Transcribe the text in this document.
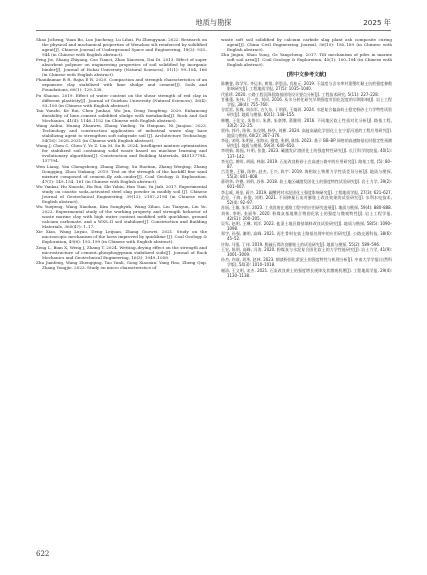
地质与勘探	2025 年

Shao Jicheng, Yuan Bo, Luo Jincheng, Lu Lihui, Fu Zhengyuan. 2022. Research on the physical and mechanical properties of Wenzhou silt reinforced by solidified agent[J]. Chinese Journal of Underground Space and Engineering, 18(3): 935–944 (in Chinese with English abstract).

Peng Jie, Shang Zhiyang, Cao Tianci, Zhao Xiaowen, Dai Di. 2013. Effect of super absorbent polymer on engineering properties of soil solidified by inorganic binder[J]. Journal of Hohai University (Natural Sciences), 51(1): 99–104, 166 (in Chinese with English abstract).

Phanikumar B R, Rajia E R. 2020. Compaction and strength characteristics of an expansive clay stabilised with lime sludge and cement[J]. Soils and Foundations, 60(1): 129–138.

Pu Shaoao. 2019. Effect of water content on the shear strength of red clay in different plasticity[J]. Journal of Guizhou University (Natural Sciences), 36(4): 93–100 (in Chinese with English abstract).

Tan Yunzhi, Ke Rui, Chen Junhao, Wu Jun, Deng Yongfeng. 2020. Enhancing durability of lime–cement solidified sludge with metakaolin[J]. Rock and Soil Mechanics, 41(4): 1146–1152 (in Chinese with English abstract).

Wang Anhui, Huang Zhanwei, Zhang Yanling, Yu Haiquan, Ni Jiaojiao. 2023. Technology and construction application of industrial waste slag base stabilizing agent to strengthen soft subgrade soil [J]. Architecture Technology, 54(16): 2028–2031 (in Chinese with English abstract).

Wang J, Chen C, Chen Y, Ye Z, Liu M, Su B. 2024. Intelligent mixture optimization for stabilized soil containing solid waste based on machine learning and evolutionary algorithms[J]. Construction and Building Materials, 445137794–137794.

Wen Liang, Yan Chengsheng, Zhang Zheng, Xu Ruotian, Zhang Wenjing, Zhang Dongqing, Zhou Yinkang. 2019. Test on the strength of the backfill fine sand mixture composed of cement–fly ash–cinder[J]. Coal Geology & Exploration, 47(1): 149–154, 161 (in Chinese with English abstract).

Wu Yankai, Hu Xiaoshi, Hu Rui, Shi Yabin, Han Tian, Yu Jiali. 2017. Experimental study on caustic soda–activated steel slag powder in muddy soil [J]. Chinese Journal of Geotechnical Engineering, 39(12): 2187–2194 (in Chinese with English abstract).

Wu Yuepeng, Wang Xiaohan, Kim Sunghyuk, Wang Zihao, Liu Tianyun, Liu Yu. 2022. Experimental study of the working property and strength behavior of waste marine clay with high water content modified with quicklime, ground calcium carbonate, and a WXS–II soil stabilizer[J]. Construction and Building Materials, 360(47): 1–17.

Xie Xiao, Wang Luyao, Deng Leijuan, Zhang Guowei. 2021. Study on the microscopic mechanism of the loess improved by quicklime [J]. Coal Geology & Exploration, 49(6): 193–199 (in Chinese with English abstract).

Zeng L, Bian X, Weng J, Zhang T. 2024. Wetting–drying effect on the strength and microstructure of cement–phosphogypsum stabilized soils[J]. Journal of Rock Mechanics and Geotechnical Engineering, 16(3): 1049–1058.

Zhu Jianfeng, Wang Zhengqing, Tao Yanli, Gong Xiaonan, Yang Hao, Zheng Qiqi, Zhang Yongjie. 2023. Study on micro characteristics of

waste soft soil solidified by calcium carbide slag plant ash composite curing agent[J]. China Civil Engineering Journal, 56(10): 180–189 (in Chinese with English abstract).

Zhu Jinjun, Shao Yong, Ge Yangcheng. 2017. Tilt mechanism of piles in marine soft soil area[J]. Coal Geology & Exploration, 45(1): 100–104 (in Chinese with English abstract).

[附中文参考文献]

陈鹏斐, 陈学军, 齐运来, 黄翔, 余恩品, 肖桂元. 2019. 干湿度与含水率对重塑红黏土抗剪强度参数影响研究[J]. 工程地质学报, 27(5): 1035–1040.

代垂珍. 2020. 公路工程沉降段路基固结设计要点分析[J]. 工程技术研究, 5(11): 227–228.

甘雅蓬, 朱伟, 吕一彦, 刘珂. 2016. 从水分转化研究早期强度对固化泥度的早期影响[J]. 岩土工程学报, 38(4): 755–760.

谷雷雷, 张梅, 周东军, 吉久东, 于明跃, 王婧玥. 2024. 水泥复合偏高岭土稳定粉砂土力学特性试验研究[J]. 地质与勘探, 60(1): 148–155.

韩鹏, 王佳宝, 朱鲁川, 朱赛, 朱豪博, 葛继明. 2016. 不同地区软土性质对比分析[J]. 路基工程, 33(2): 22–25.

贾伟, 郭丹, 陈伟, 朱仪钢, 杨华, 刘彬. 2024. 高盐高硫化学固化土在宁夏河道的工程应用研究[J]. 地质与勘探, 60(2): 367–376.

李显, 宋明, 朱明星, 张海永, 施宽, 张朝, 陈锋. 2023. 基于 BB–BP 网络的高速路基长时稳定性预测研究[J]. 地质与勘探, 59(3): 640–650.

李明新, 陈振, 叶明, 张俊. 2023. 碱激发矿渣固化土的强度特性研究[J]. 长江科学院院报, 40(1): 137–142.

李光信, 黄明, 胡丽, 林刚. 2019. 石灰改良粉砂土在高速公路中的应用研究[J]. 路基工程, (5): 80–87.

吕美艳, 王颖, 陈仲, 赵杰, 王兴, 陈宇. 2019. 海相软土物理力学性质差异分析[J]. 地质与勘探, 55(3): 801–808.

蒋明华, 许德, 刘明, 苏伟. 2018. 软土地区碱激发固化土的强度特性试验研究[J]. 岩土力学, 39(2): 601–607.

李志威, 周金, 蒋兴. 2019. 碳酸钙对水泥固化土强度影响研究[J]. 工程地质学报, 27(3): 621–627.

范宏, 于海, 孙俊, 刘明. 2021. 不同掺量石灰对膨胀土改良效果的试验研究[J]. 水利水电技术, 52(4): 92–97.

苏丽, 王雄, 朱军. 2023. 工业固废在道路工程中的应用研究进展[J]. 地质与勘探, 59(4): 880–888.

刘伟, 李明, 张丽华. 2020. 粉煤灰基地聚合物固化软土的强度与微观特性[J]. 岩土工程学报, 42(S1): 200–205.

吴军, 赵明, 王琳, 刘洋. 2022. 盐渍土地区路基填料改良试验研究[J]. 地质与勘探, 58(5): 1090–1098.

郑宇, 孙强, 谢明, 高峰. 2021. 再生骨料在软土路基处理中的应用研究[J]. 公路交通科技, 38(6): 45–52.

许海, 马强, 丁伟. 2019. 脱硫石膏改良膨胀土的试验研究[J]. 地质与勘探, 55(2): 589–596.

王宏, 陈明, 高峰, 冯涛. 2020. 粉煤灰与水泥复合固化软土的力学性能研究[J]. 岩土力学, 41(9): 3001–3009.

孙杰, 许刚, 刘华, 赵林. 2023. 钢渣粉固化淤泥土的强度特性与机理分析[J]. 中南大学学报(自然科学版), 54(3): 1010–1018.

谢清, 王文明, 宋杰. 2021. 石灰改良黄土的强度增长规律及其微观机理[J]. 工程地质学报, 29(4): 1130–1138.

622
